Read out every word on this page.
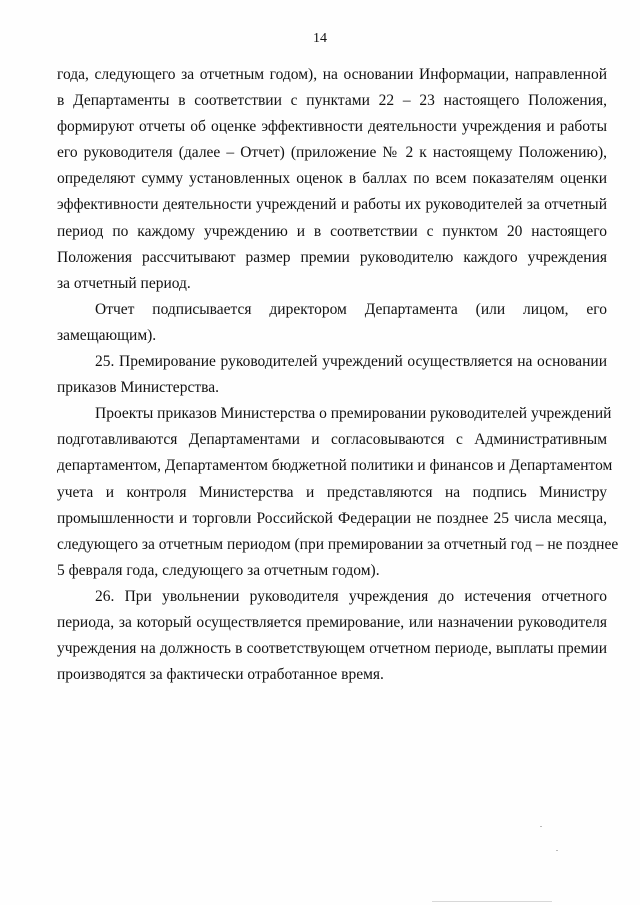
14

года, следующего за отчетным годом), на основании Информации, направленной
в Департаменты в соответствии с пунктами 22 – 23 настоящего Положения,
формируют отчеты об оценке эффективности деятельности учреждения и работы
его руководителя (далее – Отчет) (приложение № 2 к настоящему Положению),
определяют сумму установленных оценок в баллах по всем показателям оценки
эффективности деятельности учреждений и работы их руководителей за отчетный
период по каждому учреждению и в соответствии с пунктом 20 настоящего
Положения рассчитывают размер премии руководителю каждого учреждения
за отчетный период.

Отчет подписывается директором Департамента (или лицом, его
замещающим).

25. Премирование руководителей учреждений осуществляется на основании
приказов Министерства.

Проекты приказов Министерства о премировании руководителей учреждений
подготавливаются Департаментами и согласовываются с Административным
департаментом, Департаментом бюджетной политики и финансов и Департаментом
учета и контроля Министерства и представляются на подпись Министру
промышленности и торговли Российской Федерации не позднее 25 числа месяца,
следующего за отчетным периодом (при премировании за отчетный год – не позднее
5 февраля года, следующего за отчетным годом).

26. При увольнении руководителя учреждения до истечения отчетного
периода, за который осуществляется премирование, или назначении руководителя
учреждения на должность в соответствующем отчетном периоде, выплаты премии
производятся за фактически отработанное время.
